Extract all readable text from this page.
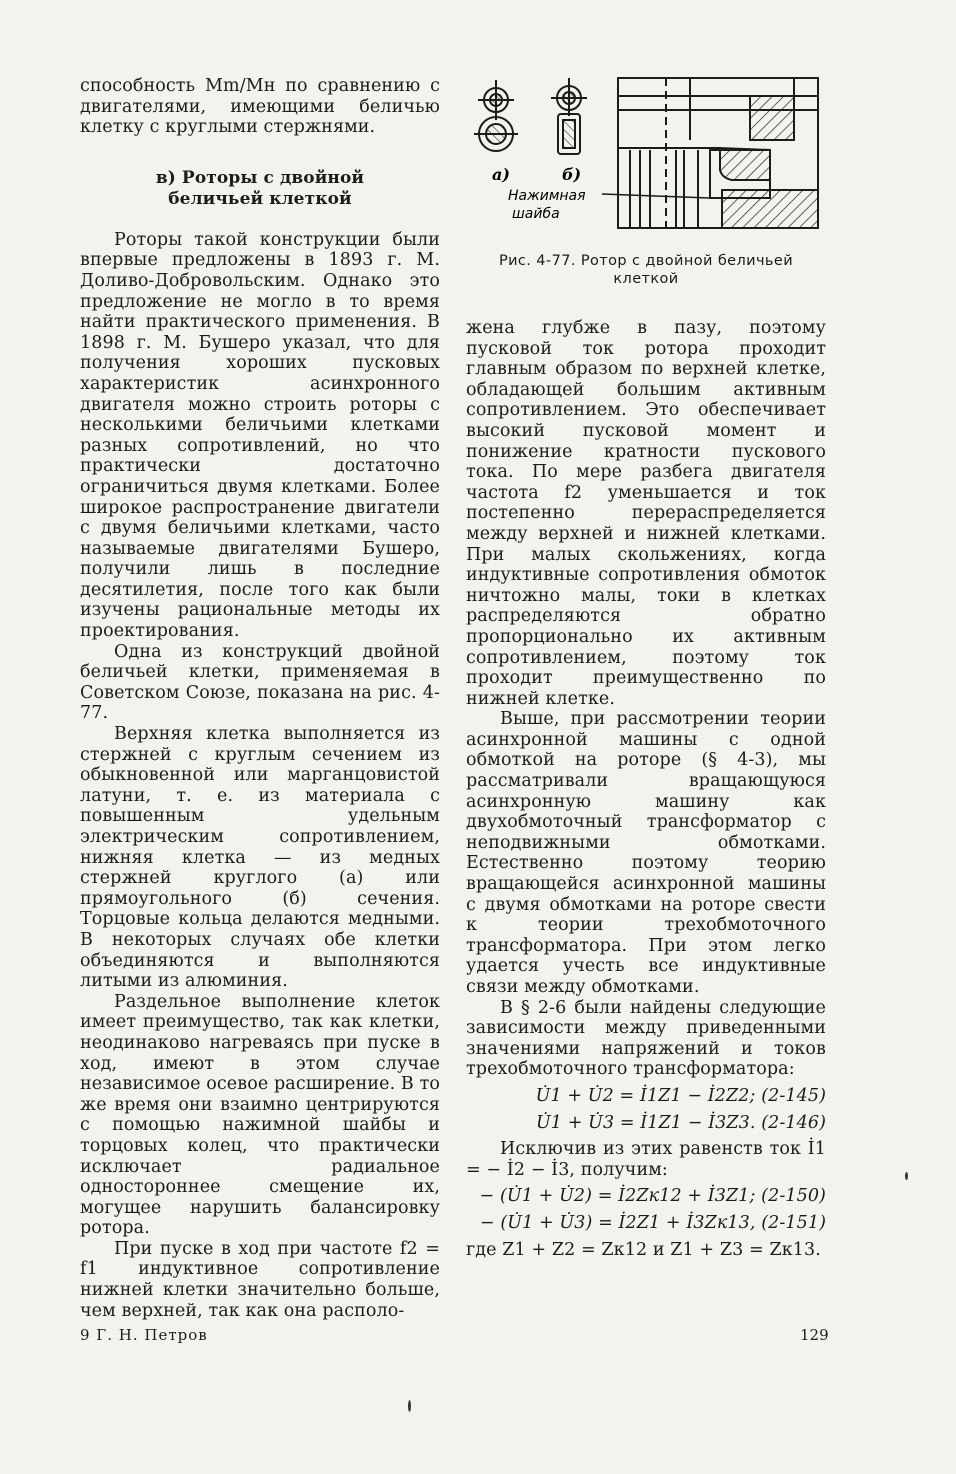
способность Mm/Mн по сравнению с двигателями, имеющими беличью клетку с круглыми стержнями.

в) Роторы с двойной
беличьей клеткой

Роторы такой конструкции были впервые предложены в 1893 г. М. Доливо-Добровольским. Однако это предложение не могло в то время найти практического применения. В 1898 г. М. Бушеро указал, что для получения хороших пусковых характеристик асинхронного двигателя можно строить роторы с несколькими беличьими клетками разных сопротивлений, но что практически достаточно ограничиться двумя клетками. Более широкое распространение двигатели с двумя беличьими клетками, часто называемые двигателями Бушеро, получили лишь в последние десятилетия, после того как были изучены рациональные методы их проектирования.

Одна из конструкций двойной беличьей клетки, применяемая в Советском Союзе, показана на рис. 4-77.

Верхняя клетка выполняется из стержней с круглым сечением из обыкновенной или марганцовистой латуни, т. е. из материала с повышенным удельным электрическим сопротивлением, нижняя клетка — из медных стержней круглого (а) или прямоугольного (б) сечения. Торцовые кольца делаются медными. В некоторых случаях обе клетки объединяются и выполняются литыми из алюминия.

Раздельное выполнение клеток имеет преимущество, так как клетки, неодинаково нагреваясь при пуске в ход, имеют в этом случае независимое осевое расширение. В то же время они взаимно центрируются с помощью нажимной шайбы и торцовых колец, что практически исключает радиальное одностороннее смещение их, могущее нарушить балансировку ротора.

При пуске в ход при частоте f2 = f1 индуктивное сопротивление нижней клетки значительно больше, чем верхней, так как она располо-

а)	б)
Нажимная
шайба
Рис. 4-77. Ротор с двойной беличьей клеткой

жена глубже в пазу, поэтому пусковой ток ротора проходит главным образом по верхней клетке, обладающей большим активным сопротивлением. Это обеспечивает высокий пусковой момент и понижение кратности пускового тока. По мере разбега двигателя частота f2 уменьшается и ток постепенно перераспределяется между верхней и нижней клетками. При малых скольжениях, когда индуктивные сопротивления обмоток ничтожно малы, токи в клетках распределяются обратно пропорционально их активным сопротивлением, поэтому ток проходит преимущественно по нижней клетке.

Выше, при рассмотрении теории асинхронной машины с одной обмоткой на роторе (§ 4-3), мы рассматривали вращающуюся асинхронную машину как двухобмоточный трансформатор с неподвижными обмотками. Естественно поэтому теорию вращающейся асинхронной машины с двумя обмотками на роторе свести к теории трехобмоточного трансформатора. При этом легко удается учесть все индуктивные связи между обмотками.

В § 2-6 были найдены следующие зависимости между приведенными значениями напряжений и токов трехобмоточного трансформатора:

U̇1 + U̇2 = İ1Z1 − İ2Z2; (2-145)
U̇1 + U̇3 = İ1Z1 − İ3Z3. (2-146)

Исключив из этих равенств ток İ1 = − İ2 − İ3, получим:

− (U̇1 + U̇2) = İ2Zк12 + İ3Z1; (2-150)
− (U̇1 + U̇3) = İ2Z1 + İ3Zк13, (2-151)

где Z1 + Z2 = Zк12 и Z1 + Z3 = Zк13.

9 Г. Н. Петров	129
